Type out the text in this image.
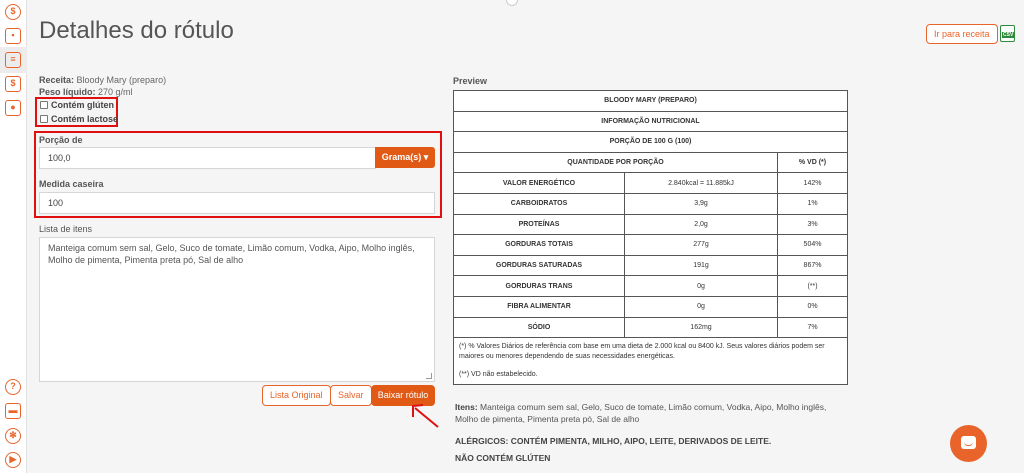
$
▪
≡
$
●
?
▬
✻
▶
Detalhes do rótulo	Ir para receita	CSV
Receita: Bloody Mary (preparo)
Peso líquido: 270 g/ml
Contém glúten
Contém lactose
Porção de
100,0	Grama(s) ▾
Medida caseira
100
Lista de itens
Manteiga comum sem sal, Gelo, Suco de tomate, Limão comum, Vodka, Aipo, Molho inglês, Molho de pimenta, Pimenta preta pó, Sal de alho
Lista Original	Salvar	Baixar rótulo
Preview
BLOODY MARY (PREPARO)		
INFORMAÇÃO NUTRICIONAL		
PORÇÃO DE 100 G (100)		
QUANTIDADE POR PORÇÃO		% VD (*)
VALOR ENERGÉTICO	2.840kcal = 11.885kJ	142%
CARBOIDRATOS	3,9g	1%
PROTEÍNAS	2,0g	3%
GORDURAS TOTAIS	277g	504%
GORDURAS SATURADAS	191g	867%
GORDURAS TRANS	0g	(**)
FIBRA ALIMENTAR	0g	0%
SÓDIO	162mg	7%

(*) % Valores Diários de referência com base em uma dieta de 2.000 kcal ou 8400 kJ. Seus valores diários podem ser maiores ou menores dependendo de suas necessidades energéticas.
(**) VD não estabelecido.		
Itens: Manteiga comum sem sal, Gelo, Suco de tomate, Limão comum, Vodka, Aipo, Molho inglês, Molho de pimenta, Pimenta preta pó, Sal de alho
ALÉRGICOS: CONTÉM PIMENTA, MILHO, AIPO, LEITE, DERIVADOS DE LEITE.
NÃO CONTÉM GLÚTEN
